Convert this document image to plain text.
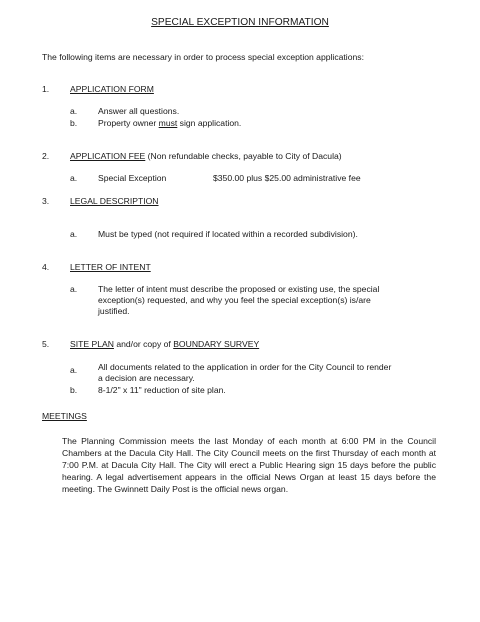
SPECIAL EXCEPTION INFORMATION
The following items are necessary in order to process special exception applications:
1. APPLICATION FORM
a. Answer all questions.
b. Property owner must sign application.
2. APPLICATION FEE (Non refundable checks, payable to City of Dacula)
a. Special Exception	$350.00 plus $25.00 administrative fee
3. LEGAL DESCRIPTION
a. Must be typed (not required if located within a recorded subdivision).
4. LETTER OF INTENT
a. The letter of intent must describe the proposed or existing use, the special
exception(s) requested, and why you feel the special exception(s) is/are
justified.
5. SITE PLAN and/or copy of BOUNDARY SURVEY
a. All documents related to the application in order for the City Council to render
a decision are necessary.
b. 8-1/2" x 11" reduction of site plan.
MEETINGS
The Planning Commission meets the last Monday of each month at 6:00 PM in the Council Chambers at the Dacula City Hall. The City Council meets on the first Thursday of each month at 7:00 P.M. at Dacula City Hall. The City will erect a Public Hearing sign 15 days before the public hearing. A legal advertisement appears in the official News Organ at least 15 days before the meeting. The Gwinnett Daily Post is the official news organ.
